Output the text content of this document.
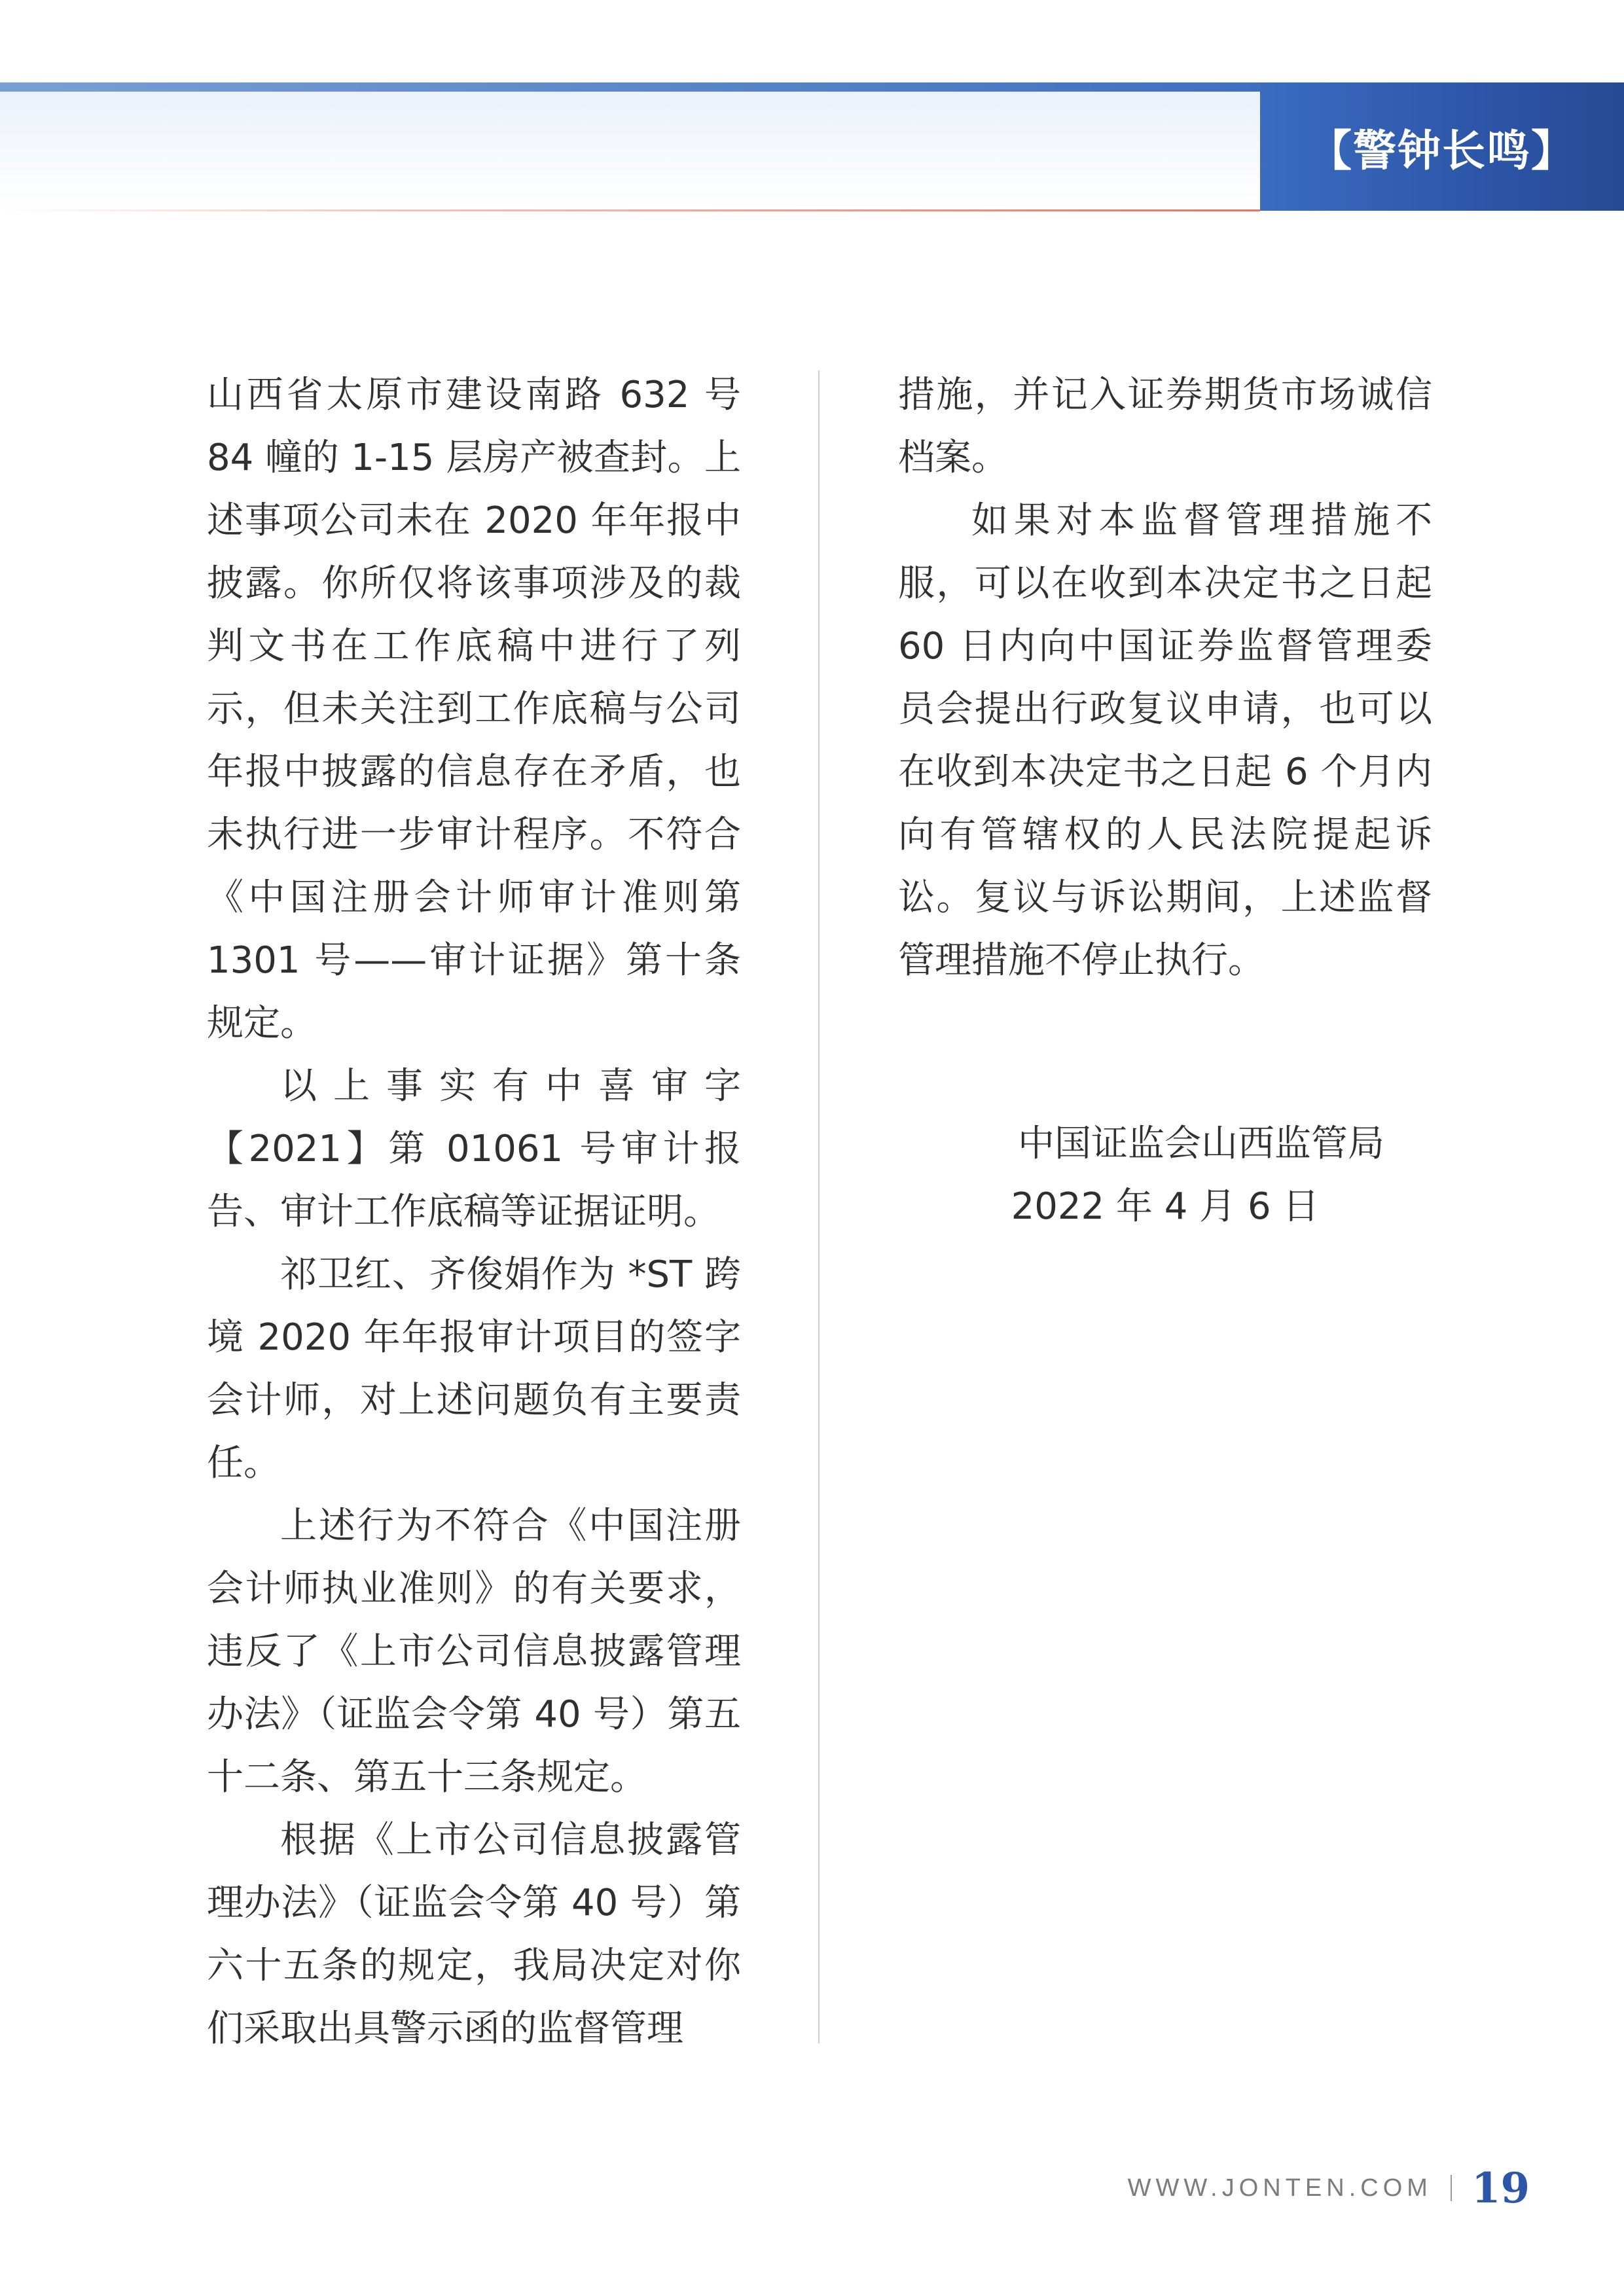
【警钟长鸣】

山西省太原市建设南路 632 号 84 幢的 1-15 层房产被查封。上述事项公司未在 2020 年年报中披露。你所仅将该事项涉及的裁判文书在工作底稿中进行了列示，但未关注到工作底稿与公司年报中披露的信息存在矛盾，也未执行进一步审计程序。不符合《中国注册会计师审计准则第 1301 号——审计证据》第十条规定。

以上事实有中喜审字【2021】第 01061 号审计报告、审计工作底稿等证据证明。

祁卫红、齐俊娟作为 *ST 跨境 2020 年年报审计项目的签字会计师，对上述问题负有主要责任。

上述行为不符合《中国注册会计师执业准则》的有关要求，违反了《上市公司信息披露管理办法》（证监会令第 40 号）第五十二条、第五十三条规定。

根据《上市公司信息披露管理办法》（证监会令第 40 号）第六十五条的规定，我局决定对你们采取出具警示函的监督管理

措施，并记入证券期货市场诚信档案。

如果对本监督管理措施不服，可以在收到本决定书之日起 60 日内向中国证券监督管理委员会提出行政复议申请，也可以在收到本决定书之日起 6 个月内向有管辖权的人民法院提起诉讼。复议与诉讼期间，上述监督管理措施不停止执行。

中国证监会山西监管局

2022 年 4 月 6 日

WWW.JONTEN.COM 19
